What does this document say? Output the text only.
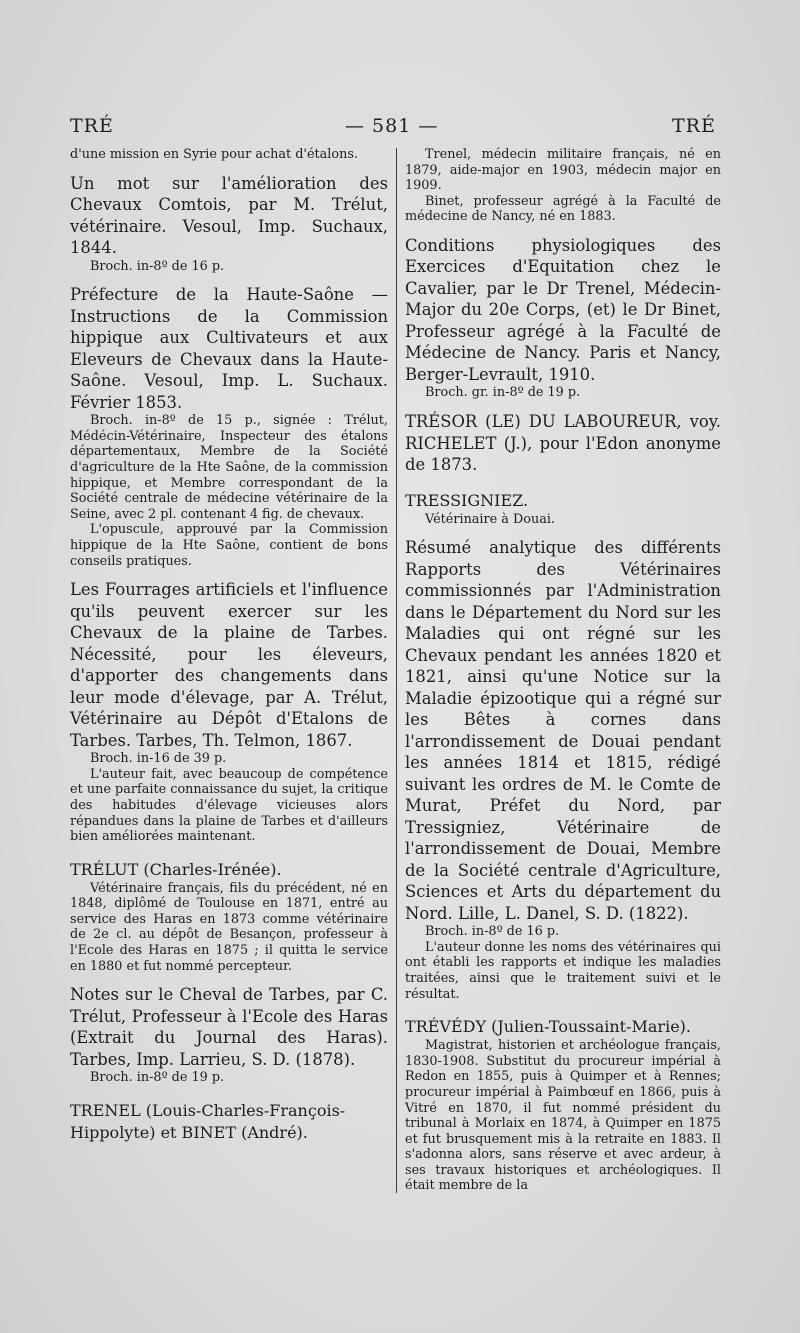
TRÉ	— 581 —	TRÉ

d'une mission en Syrie pour achat d'étalons.

Un mot sur l'amélioration des Chevaux Comtois, par M. Trélut, vétérinaire. Vesoul, Imp. Suchaux, 1844.

Broch. in-8º de 16 p.

Préfecture de la Haute-Saône — Instructions de la Commission hippique aux Cultivateurs et aux Eleveurs de Chevaux dans la Haute-Saône. Vesoul, Imp. L. Suchaux. Février 1853.

Broch. in-8º de 15 p., signée : Trélut, Médécin-Vétérinaire, Inspecteur des étalons départementaux, Membre de la Société d'agriculture de la Hte Saône, de la commission hippique, et Membre correspondant de la Société centrale de médecine vétérinaire de la Seine, avec 2 pl. contenant 4 fig. de chevaux.

L'opuscule, approuvé par la Commission hippique de la Hte Saône, contient de bons conseils pratiques.

Les Fourrages artificiels et l'influence qu'ils peuvent exercer sur les Chevaux de la plaine de Tarbes. Nécessité, pour les éleveurs, d'apporter des changements dans leur mode d'élevage, par A. Trélut, Vétérinaire au Dépôt d'Etalons de Tarbes. Tarbes, Th. Telmon, 1867.

Broch. in-16 de 39 p.

L'auteur fait, avec beaucoup de compétence et une parfaite connaissance du sujet, la critique des habitudes d'élevage vicieuses alors répandues dans la plaine de Tarbes et d'ailleurs bien améliorées maintenant.

TRÉLUT (Charles-Irénée).

Vétérinaire français, fils du précédent, né en 1848, diplômé de Toulouse en 1871, entré au service des Haras en 1873 comme vétérinaire de 2e cl. au dépôt de Besançon, professeur à l'Ecole des Haras en 1875 ; il quitta le service en 1880 et fut nommé percepteur.

Notes sur le Cheval de Tarbes, par C. Trélut, Professeur à l'Ecole des Haras (Extrait du Journal des Haras). Tarbes, Imp. Larrieu, S. D. (1878).

Broch. in-8º de 19 p.

TRENEL (Louis-Charles-François-Hippolyte) et BINET (André).

Trenel, médecin militaire français, né en 1879, aide-major en 1903, médecin major en 1909.

Binet, professeur agrégé à la Faculté de médecine de Nancy, né en 1883.

Conditions physiologiques des Exercices d'Equitation chez le Cavalier, par le Dr Trenel, Médecin-Major du 20e Corps, (et) le Dr Binet, Professeur agrégé à la Faculté de Médecine de Nancy. Paris et Nancy, Berger-Levrault, 1910.

Broch. gr. in-8º de 19 p.

TRÉSOR (LE) DU LABOUREUR, voy. RICHELET (J.), pour l'Edon anonyme de 1873.

TRESSIGNIEZ.

Vétérinaire à Douai.

Résumé analytique des différents Rapports des Vétérinaires commissionnés par l'Administration dans le Département du Nord sur les Maladies qui ont régné sur les Chevaux pendant les années 1820 et 1821, ainsi qu'une Notice sur la Maladie épizootique qui a régné sur les Bêtes à cornes dans l'arrondissement de Douai pendant les années 1814 et 1815, rédigé suivant les ordres de M. le Comte de Murat, Préfet du Nord, par Tressigniez, Vétérinaire de l'arrondissement de Douai, Membre de la Société centrale d'Agriculture, Sciences et Arts du département du Nord. Lille, L. Danel, S. D. (1822).

Broch. in-8º de 16 p.

L'auteur donne les noms des vétérinaires qui ont établi les rapports et indique les maladies traitées, ainsi que le traitement suivi et le résultat.

TRÉVÉDY (Julien-Toussaint-Marie).

Magistrat, historien et archéologue français, 1830-1908. Substitut du procureur impérial à Redon en 1855, puis à Quimper et à Rennes; procureur impérial à Paimbœuf en 1866, puis à Vitré en 1870, il fut nommé président du tribunal à Morlaix en 1874, à Quimper en 1875 et fut brusquement mis à la retraite en 1883. Il s'adonna alors, sans réserve et avec ardeur, à ses travaux historiques et archéologiques. Il était membre de la
